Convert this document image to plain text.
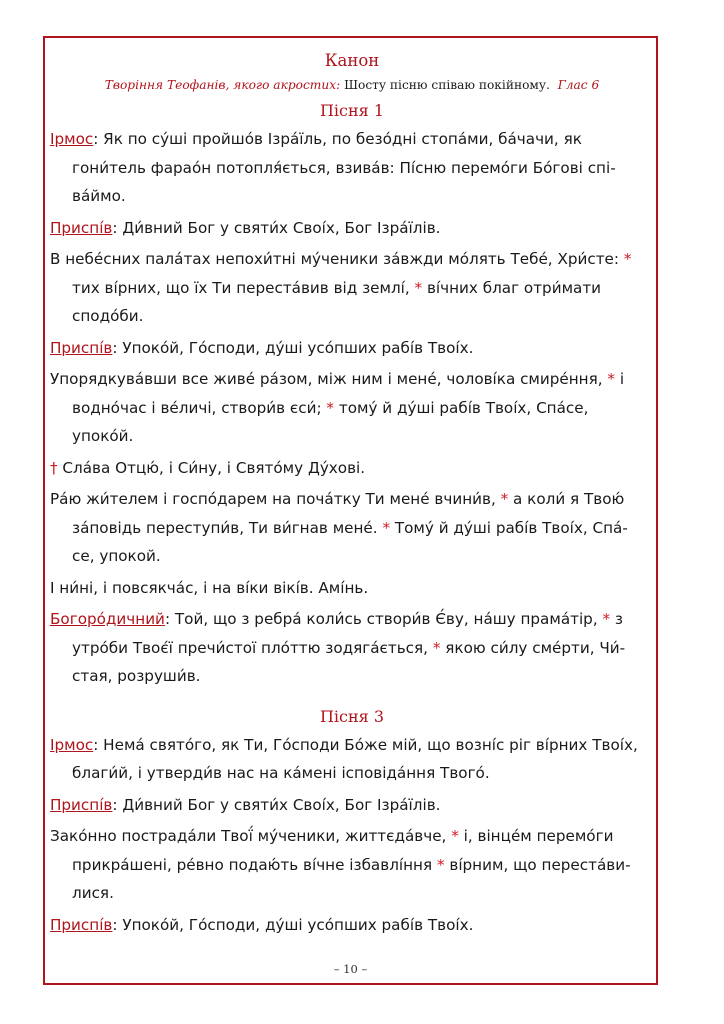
Канон
Творіння Теофанів, якого акростих: Шосту пісню співаю покійному. Глас 6
Пісня 1

Ірмос: Як по су́ші пройшо́в Ізра́їль, по безо́дні стопа́ми, ба́чачи, як гони́тель фарао́н потопля́ється, взива́в: Пі́сню перемо́ги Бо́гові спі- ва́ймо.

Приспі́в: Ди́вний Бог у святи́х Своі́х, Бог Ізра́їлів.

В небе́сних пала́тах непохи́тні му́ченики за́вжди мо́лять Тебе́, Хри́сте: * тих ві́рних, що їх Ти переста́вив від землі́, * ві́чних благ отри́мати сподо́би.

Приспі́в: Упоко́й, Го́споди, ду́ші усо́пших рабі́в Твоі́х.

Упорядкува́вши все живе́ ра́зом, між ним і мене́, чолові́ка смире́ння, * і водно́час і ве́личі, створи́в єси́; * тому́ й ду́ші рабі́в Твоі́х, Спа́се, упоко́й.

† Сла́ва Отцю́, і Си́ну, і Свято́му Ду́хові.

Ра́ю жи́телем і госпо́дарем на поча́тку Ти мене́ вчини́в, * а коли́ я Твою́ за́повідь переступи́в, Ти ви́гнав мене́. * Тому́ й ду́ші рабі́в Твоі́х, Спа́- се, упокой.

І ни́ні, і повсякча́с, і на ві́ки вікі́в. Амі́нь.

Богоро́дичний: Той, що з ребра́ коли́сь створи́в Є́ву, на́шу прама́тір, * з утро́би Твоє́ї пречи́стої пло́ттю зодяга́ється, * якою си́лу сме́рти, Чи́- стая, розруши́в.

Пісня 3

Ірмос: Нема́ свято́го, як Ти, Го́споди Бо́же мій, що возні́с ріг ві́рних Твоі́х, благи́й, і утверди́в нас на ка́мені ісповіда́ння Твого́.

Приспі́в: Ди́вний Бог у святи́х Своі́х, Бог Ізра́їлів.

Зако́нно пострада́ли Твої́ му́ченики, життєда́вче, * і, вінце́м перемо́ги прикра́шені, ре́вно подаю́ть ві́чне ізбавлі́ння * ві́рним, що переста́ви- лися.

Приспі́в: Упоко́й, Го́споди, ду́ші усо́пших рабі́в Твоі́х.

– 10 –
